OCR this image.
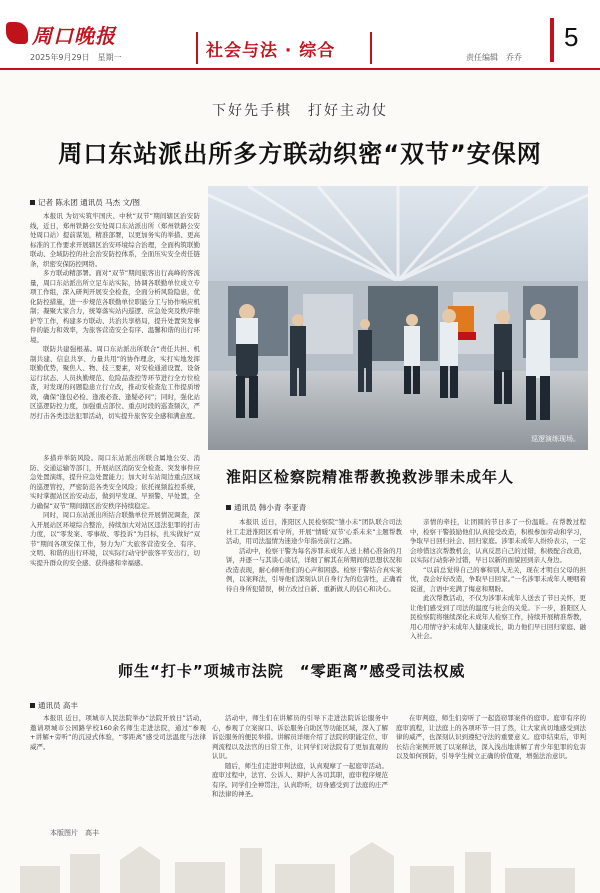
周口晚报
2025年9月29日　星期一	社会与法 · 综合	责任编辑　乔乔
5
下好先手棋　打好主动仗
周口东站派出所多方联动织密“双节”安保网
记者 陈永团 通讯员 马杰 文/图

本报讯 为切实筑牢国庆、中秋“双节”期间辖区治安防线，近日，郑州铁路公安处周口东站派出所（郑州铁路公安处周口站）提前谋划，精准部署，以更加务实的举措、更高标准的工作要求开展辖区治安环境综合治理，全面构筑联勤联动、全域防控的社会治安防控体系，全面压实安全责任链条，织密安保防控网络。

多方联动精部署。面对“双节”期间旅客出行高峰的客流量，周口东站派出所立足车站实际，协调各联勤单位成立专项工作组，深入研判开展安全检查，全面分析风险隐患，优化防控措施，进一步规范各联勤单位职能分工与协作响应机制；凝聚大家合力，统筹落实站内巡逻、应急处突及秩序维护等工作，构建多方联动、共治共享格局，提升处置突发事件的能力和效率，为旅客营造安全有序、温馨和谐的出行环境。

联防共建强根基。周口东站派出所联合“责任共担、机制共建、信息共享、力量共用”的协作理念，实打实地发挥联勤优势，聚焦人、物、技三要素，对安检通道设置、设备运行状态、人员执勤规范、危险品查控等环节进行全方位检查，对发现的问题隐患立行立改，推动安检查危工作提质增效，确保“逢包必检、逢液必查、逢疑必问”；同时，强化站区巡逻防控力度，加强重点部位、重点时段的巡查频次，严厉打击各类违法犯罪活动，切实提升旅客安全感和满意度。

多措并举防风险。周口东站派出所联合属地公安、消防、交通运输等部门，开展站区消防安全检查、突发事件应急处置演练，提升应急处置能力；加大对车站周边重点区域的巡逻管控，严密防范各类安全风险；依托视频监控系统，实时掌握站区治安动态，做到早发现、早预警、早处置，全力确保“双节”期间辖区治安秩序持续稳定。

同时，周口东站派出所结合联勤单位开展情况调查，深入开展站区环境综合整治，持续加大对站区违法犯罪的打击力度，以“零发案、零事故、零投诉”为目标，扎实做好“双节”期间各项安保工作，努力为广大旅客营造安全、有序、文明、和谐的出行环境，以实际行动守护旅客平安出行，切实提升群众的安全感、获得感和幸福感。

巡逻演练现场。
淮阳区检察院精准帮教挽救涉罪未成年人
通讯员 韩小青 李亚青

本报讯 近日，淮阳区人民检察院“雏小未”团队联合司法社工走进淮阳区看守所，开展“情暖‘双节’心系未来”主题帮教活动，用司法温情为迷途少年指亮前行之路。

活动中，检察干警为每名涉罪未成年人送上精心准备的月饼，并逐一与其谈心谈话，详细了解其在所期间的思想状况和改造表现，耐心倾听他们的心声和困惑。检察干警结合真实案例，以案释法，引导他们深刻认识自身行为的危害性，正确看待自身所犯错误，树立改过自新、重新做人的信心和决心。

亲情的牵挂，让团圆的节日多了一份温暖。在帮教过程中，检察干警鼓励他们认真接受改造，积极参加劳动和学习，争取早日回归社会、回归家庭。涉罪未成年人纷纷表示，一定会珍惜这次帮教机会，认真反思自己的过错，积极配合改造，以实际行动弥补过错，早日以新的面貌回到亲人身边。

“以前总觉得自己的事和别人无关，现在才明白父母的担忧，我会好好改造，争取早日回家。”一名涉罪未成年人哽咽着说道，言语中充满了悔意和期盼。

此次帮教活动，不仅为涉罪未成年人送去了节日关怀，更让他们感受到了司法的温度与社会的关爱。下一步，淮阳区人民检察院将继续深化未成年人检察工作，持续开展精准帮教，用心用情守护未成年人健康成长，助力他们早日回归家庭、融入社会。

师生“打卡”项城市法院　“零距离”感受司法权威
通讯员 高丰

本报讯 近日，项城市人民法院举办“法院开放日”活动，邀请项城市公园路学校160余名师生走进法院，通过“参观+讲解+旁听”的沉浸式体验，“零距离”感受司法温度与法律威严。

活动中，师生们在讲解员的引导下走进法院诉讼服务中心，参观了立案窗口、诉讼服务自助区等功能区域，深入了解诉讼服务的便民举措。讲解员详细介绍了法院的职能定位、审判流程以及法官的日常工作，让同学们对法院有了更加直观的认识。

随后，师生们走进审判法庭，认真观摩了一起庭审活动。庭审过程中，法官、公诉人、辩护人各司其职，庭审程序规范有序。同学们全神贯注，认真聆听，切身感受到了法庭的庄严和法律的神圣。

在审判庭，师生们旁听了一起盗窃罪案件的庭审。庭审有序的庭审流程，让法庭上的各项环节一目了然，让大家真切地感受到法律的威严，也深刻认识到遵纪守法的重要意义。庭审结束后，审判长结合案例开展了以案释法，深入浅出地讲解了青少年犯罪的危害以及如何预防，引导学生树立正确的价值观，增强法治意识。

本版图片　高丰
